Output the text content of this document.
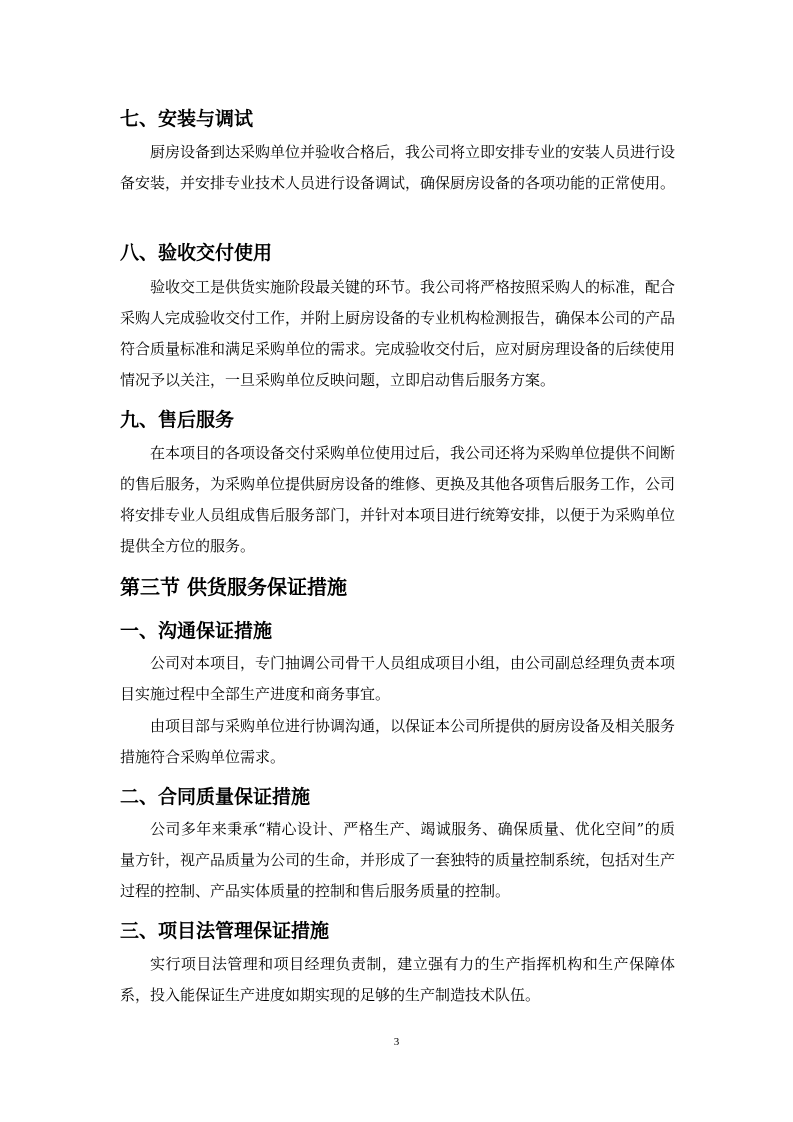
七、安装与调试

厨房设备到达采购单位并验收合格后，我公司将立即安排专业的安装人员进行设备安装，并安排专业技术人员进行设备调试，确保厨房设备的各项功能的正常使用。

八、验收交付使用

验收交工是供货实施阶段最关键的环节。我公司将严格按照采购人的标准，配合采购人完成验收交付工作，并附上厨房设备的专业机构检测报告，确保本公司的产品符合质量标准和满足采购单位的需求。完成验收交付后，应对厨房理设备的后续使用情况予以关注，一旦采购单位反映问题，立即启动售后服务方案。

九、售后服务

在本项目的各项设备交付采购单位使用过后，我公司还将为采购单位提供不间断的售后服务，为采购单位提供厨房设备的维修、更换及其他各项售后服务工作，公司将安排专业人员组成售后服务部门，并针对本项目进行统筹安排，以便于为采购单位提供全方位的服务。

第三节 供货服务保证措施
一、沟通保证措施

公司对本项目，专门抽调公司骨干人员组成项目小组，由公司副总经理负责本项目实施过程中全部生产进度和商务事宜。

由项目部与采购单位进行协调沟通，以保证本公司所提供的厨房设备及相关服务措施符合采购单位需求。

二、合同质量保证措施

公司多年来秉承“精心设计、严格生产、竭诚服务、确保质量、优化空间”的质量方针，视产品质量为公司的生命，并形成了一套独特的质量控制系统，包括对生产过程的控制、产品实体质量的控制和售后服务质量的控制。

三、项目法管理保证措施

实行项目法管理和项目经理负责制，建立强有力的生产指挥机构和生产保障体系，投入能保证生产进度如期实现的足够的生产制造技术队伍。

3
